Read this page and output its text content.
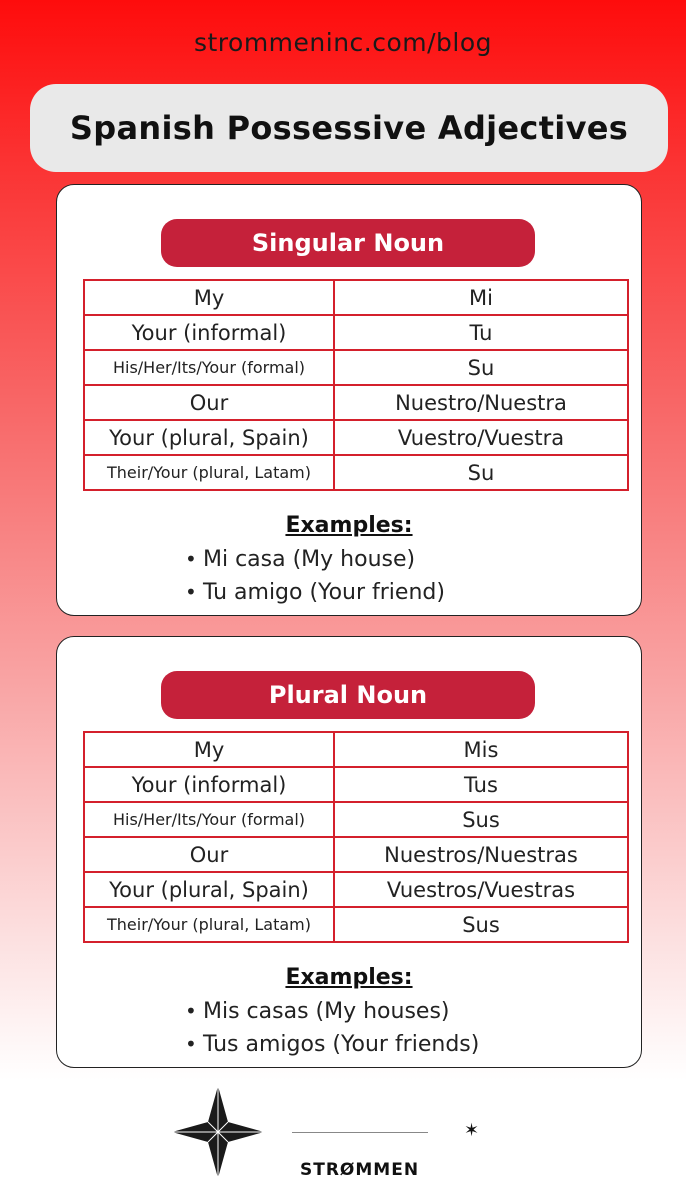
strommeninc.com/blog
Spanish Possessive Adjectives
Singular Noun
My	Mi
Your (informal)	Tu
His/Her/Its/Your (formal)	Su
Our	Nuestro/Nuestra
Your (plural, Spain)	Vuestro/Vuestra
Their/Your (plural, Latam)	Su
Examples:
• Mi casa (My house)
• Tu amigo (Your friend)
Plural Noun
My	Mis
Your (informal)	Tus
His/Her/Its/Your (formal)	Sus
Our	Nuestros/Nuestras
Your (plural, Spain)	Vuestros/Vuestras
Their/Your (plural, Latam)	Sus
Examples:
• Mis casas (My houses)
• Tus amigos (Your friends)
✶
STRØMMEN
